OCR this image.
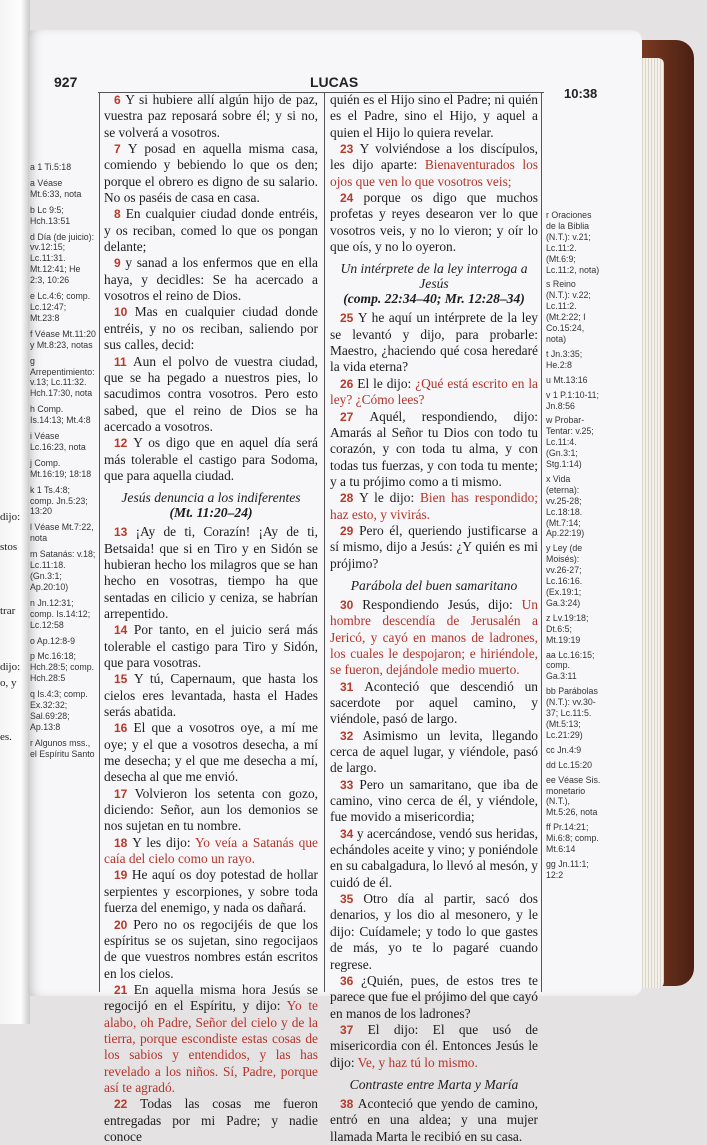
dijo:
stos
trar
dijo:
o, y
es.
927	LUCAS
10:38
a 1 Ti.5:18
a Véase Mt.6:33, nota
b Lc 9:5; Hch.13:51
d Día (de juicio): vv.12:15; Lc.11:31. Mt.12:41; He 2:3, 10:26
e Lc.4:6; comp. Lc.12:47; Mt.23:8
f Véase Mt.11:20 y Mt.8:23, notas
g Arrepentimiento: v.13; Lc.11:32. Hch.17:30, nota
h Comp. Is.14:13; Mt.4:8
i Véase Lc.16:23, nota
j Comp. Mt.16:19; 18:18
k 1 Ts.4:8; comp. Jn.5:23; 13:20
l Véase Mt.7:22, nota
m Satanás: v.18; Lc.11:18. (Gn.3:1; Ap.20:10)
n Jn.12:31; comp. Is.14:12; Lc.12:58
o Ap.12:8-9
p Mc.16:18; Hch.28:5; comp. Hch.28:5
q Is.4:3; comp. Ex.32:32; Sal.69:28; Ap.13:8
r Algunos mss., el Espíritu Santo

6 Y si hubiere allí algún hijo de paz, vuestra paz reposará sobre él; y si no, se volverá a vosotros.

7 Y posad en aquella misma casa, comiendo y bebiendo lo que os den; porque el obrero es digno de su salario. No os paséis de casa en casa.

8 En cualquier ciudad donde entréis, y os reciban, comed lo que os pongan delante;

9 y sanad a los enfermos que en ella haya, y decidles: Se ha acercado a vosotros el reino de Dios.

10 Mas en cualquier ciudad donde entréis, y no os reciban, saliendo por sus calles, decid:

11 Aun el polvo de vuestra ciudad, que se ha pegado a nuestros pies, lo sacudimos contra vosotros. Pero esto sabed, que el reino de Dios se ha acercado a vosotros.

12 Y os digo que en aquel día será más tolerable el castigo para Sodoma, que para aquella ciudad.

Jesús denuncia a los indiferentes
(Mt. 11:20–24)

13 ¡Ay de ti, Corazín! ¡Ay de ti, Betsaida! que si en Tiro y en Sidón se hubieran hecho los milagros que se han hecho en vosotras, tiempo ha que sentadas en cilicio y ceniza, se habrían arrepentido.

14 Por tanto, en el juicio será más tolerable el castigo para Tiro y Sidón, que para vosotras.

15 Y tú, Capernaum, que hasta los cielos eres levantada, hasta el Hades serás abatida.

16 El que a vosotros oye, a mí me oye; y el que a vosotros desecha, a mí me desecha; y el que me desecha a mí, desecha al que me envió.

17 Volvieron los setenta con gozo, diciendo: Señor, aun los demonios se nos sujetan en tu nombre.

18 Y les dijo: Yo veía a Satanás que caía del cielo como un rayo.

19 He aquí os doy potestad de hollar serpientes y escorpiones, y sobre toda fuerza del enemigo, y nada os dañará.

20 Pero no os regocijéis de que los espíritus se os sujetan, sino regocijaos de que vuestros nombres están escritos en los cielos.

21 En aquella misma hora Jesús se regocijó en el Espíritu, y dijo: Yo te alabo, oh Padre, Señor del cielo y de la tierra, porque escondiste estas cosas de los sabios y entendidos, y las has revelado a los niños. Sí, Padre, porque así te agradó.

22 Todas las cosas me fueron entregadas por mi Padre; y nadie conoce

quién es el Hijo sino el Padre; ni quién es el Padre, sino el Hijo, y aquel a quien el Hijo lo quiera revelar.

23 Y volviéndose a los discípulos, les dijo aparte: Bienaventurados los ojos que ven lo que vosotros veis;

24 porque os digo que muchos profetas y reyes desearon ver lo que vosotros veis, y no lo vieron; y oír lo que oís, y no lo oyeron.

Un intérprete de la ley interroga a Jesús
(comp. 22:34–40; Mr. 12:28–34)

25 Y he aquí un intérprete de la ley se levantó y dijo, para probarle: Maestro, ¿haciendo qué cosa heredaré la vida eterna?

26 El le dijo: ¿Qué está escrito en la ley? ¿Cómo lees?

27 Aquél, respondiendo, dijo: Amarás al Señor tu Dios con todo tu corazón, y con toda tu alma, y con todas tus fuerzas, y con toda tu mente; y a tu prójimo como a ti mismo.

28 Y le dijo: Bien has respondido; haz esto, y vivirás.

29 Pero él, queriendo justificarse a sí mismo, dijo a Jesús: ¿Y quién es mi prójimo?

Parábola del buen samaritano

30 Respondiendo Jesús, dijo: Un hombre descendía de Jerusalén a Jericó, y cayó en manos de ladrones, los cuales le despojaron; e hiriéndole, se fueron, dejándole medio muerto.

31 Aconteció que descendió un sacerdote por aquel camino, y viéndole, pasó de largo.

32 Asimismo un levita, llegando cerca de aquel lugar, y viéndole, pasó de largo.

33 Pero un samaritano, que iba de camino, vino cerca de él, y viéndole, fue movido a misericordia;

34 y acercándose, vendó sus heridas, echándoles aceite y vino; y poniéndole en su cabalgadura, lo llevó al mesón, y cuidó de él.

35 Otro día al partir, sacó dos denarios, y los dio al mesonero, y le dijo: Cuídamele; y todo lo que gastes de más, yo te lo pagaré cuando regrese.

36 ¿Quién, pues, de estos tres te parece que fue el prójimo del que cayó en manos de los ladrones?

37 El dijo: El que usó de misericordia con él. Entonces Jesús le dijo: Ve, y haz tú lo mismo.

Contraste entre Marta y María

38 Aconteció que yendo de camino, entró en una aldea; y una mujer llamada Marta le recibió en su casa.

r Oraciones de la Biblia (N.T.): v.21; Lc.11:2. (Mt.6:9; Lc.11:2, nota)
s Reino (N.T.): v.22; Lc.11:2. (Mt.2:22; I Co.15:24, nota)
t Jn.3:35; He.2:8
u Mt.13:16
v 1 P.1:10-11; Jn.8:56
w Probar-Tentar: v.25; Lc.11:4. (Gn.3:1; Stg.1:14)
x Vida (eterna): vv.25-28; Lc.18:18. (Mt.7:14; Ap.22:19)
y Ley (de Moisés): vv.26-27; Lc.16:16. (Ex.19:1; Ga.3:24)
z Lv.19:18; Dt.6:5; Mt.19:19
aa Lc.16:15; comp. Ga.3:11
bb Parábolas (N.T.): vv.30-37; Lc.11:5. (Mt.5:13; Lc.21:29)
cc Jn.4:9
dd Lc.15:20
ee Véase Sis. monetario (N.T.), Mt.5:26, nota
ff Pr.14:21; Mi.6:8; comp. Mt.6:14
gg Jn.11:1; 12:2
